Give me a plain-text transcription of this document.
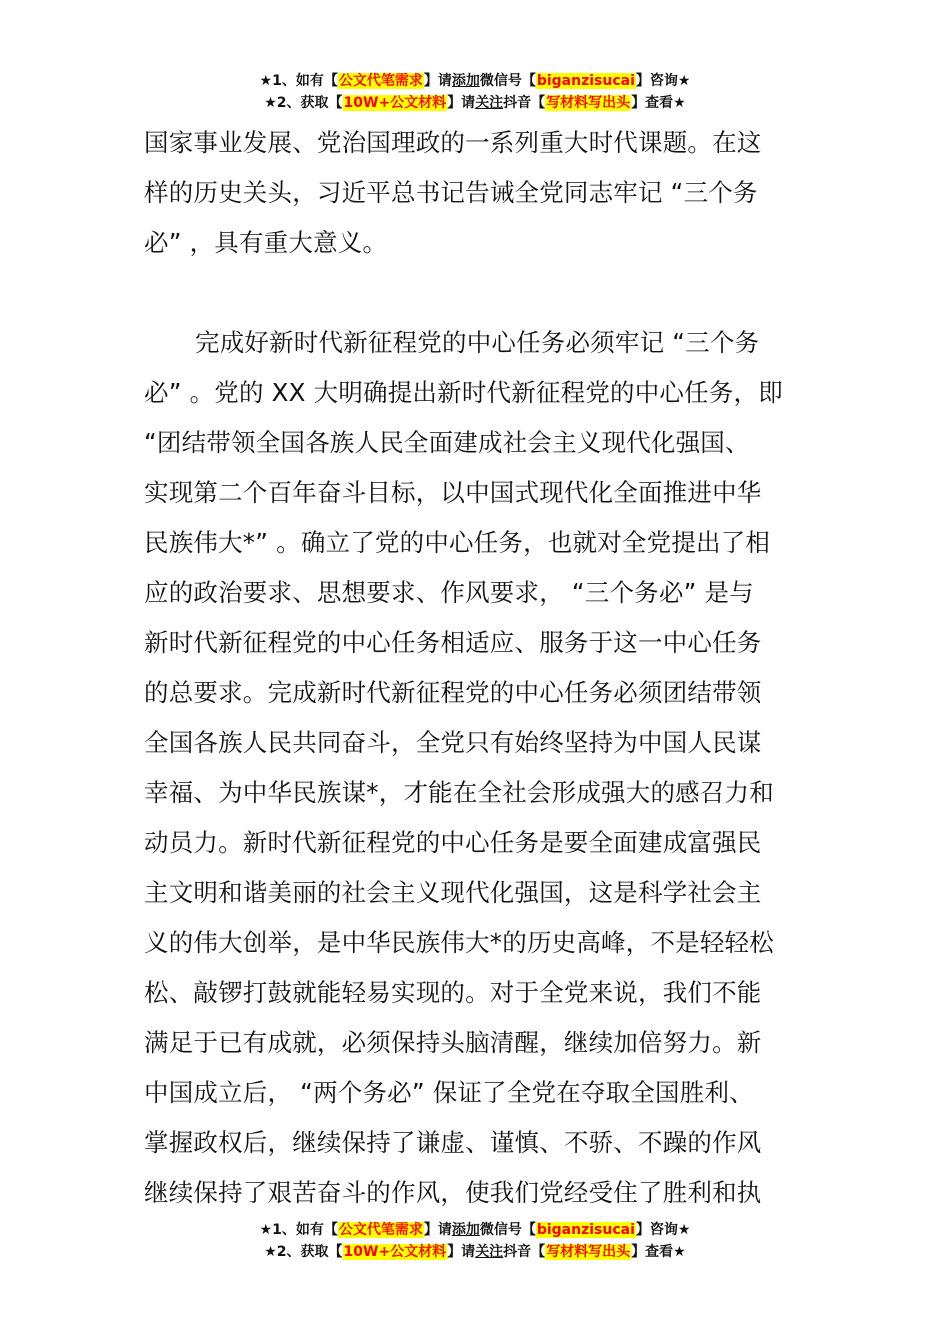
★1、如有【公文代笔需求】请添加微信号【biganzisucai】咨询★
★2、获取【10W+公文材料】请关注抖音【写材料写出头】查看★
国家事业发展、党治国理政的一系列重大时代课题。在这
样的历史关头，习近平总书记告诫全党同志牢记 “三个务
必” ，具有重大意义。
完成好新时代新征程党的中心任务必须牢记 “三个务
必” 。党的 XX 大明确提出新时代新征程党的中心任务，即
“团结带领全国各族人民全面建成社会主义现代化强国、
实现第二个百年奋斗目标，以中国式现代化全面推进中华
民族伟大*” 。确立了党的中心任务，也就对全党提出了相
应的政治要求、思想要求、作风要求， “三个务必” 是与
新时代新征程党的中心任务相适应、服务于这一中心任务
的总要求。完成新时代新征程党的中心任务必须团结带领
全国各族人民共同奋斗，全党只有始终坚持为中国人民谋
幸福、为中华民族谋*，才能在全社会形成强大的感召力和
动员力。新时代新征程党的中心任务是要全面建成富强民
主文明和谐美丽的社会主义现代化强国，这是科学社会主
义的伟大创举，是中华民族伟大*的历史高峰，不是轻轻松
松、敲锣打鼓就能轻易实现的。对于全党来说，我们不能
满足于已有成就，必须保持头脑清醒，继续加倍努力。新
中国成立后， “两个务必” 保证了全党在夺取全国胜利、
掌握政权后，继续保持了谦虚、谨慎、不骄、不躁的作风
继续保持了艰苦奋斗的作风，使我们党经受住了胜利和执
★1、如有【公文代笔需求】请添加微信号【biganzisucai】咨询★
★2、获取【10W+公文材料】请关注抖音【写材料写出头】查看★
